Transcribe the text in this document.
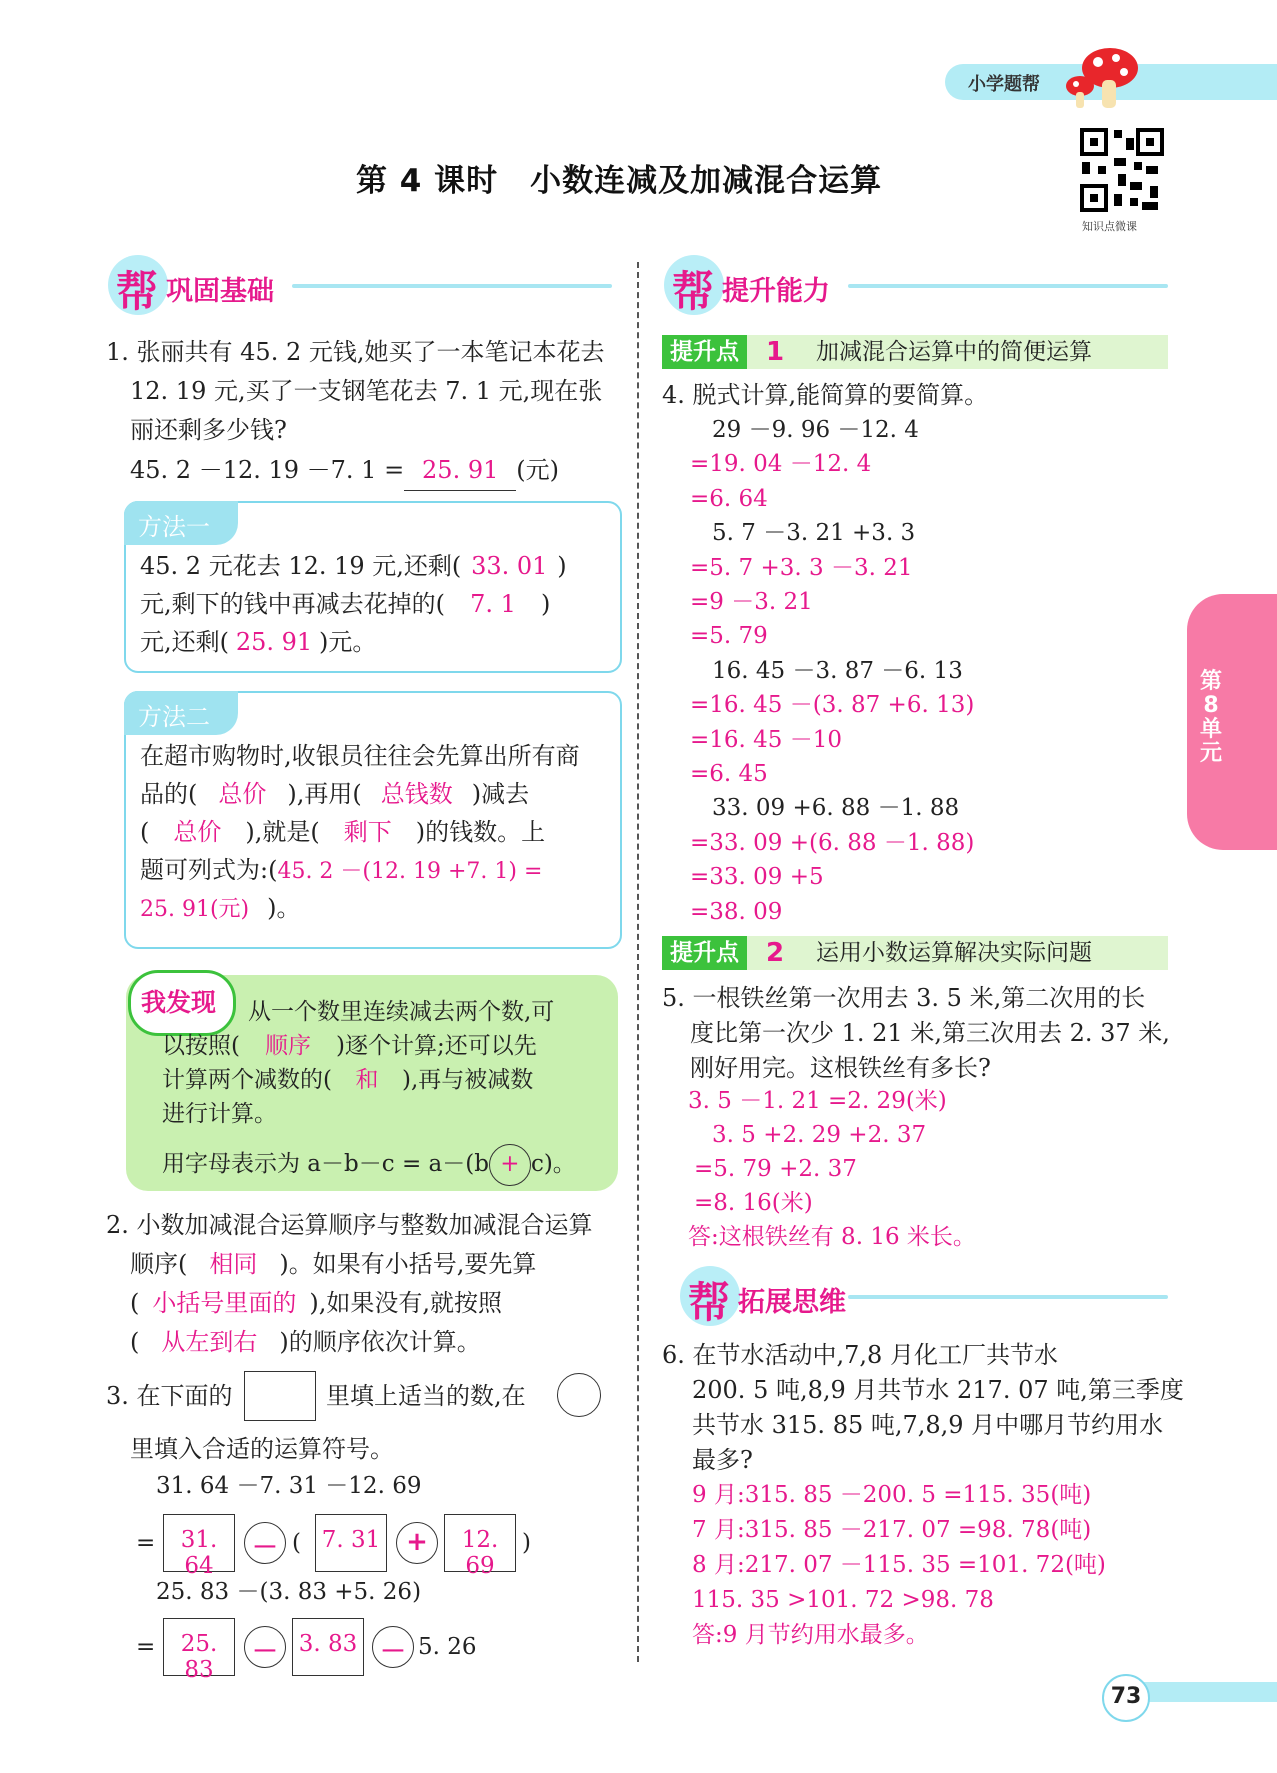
小学题帮
第 4 课时　小数连减及加减混合运算
知识点微课
第8单元
帮 巩固基础
1. 张丽共有 45. 2 元钱,她买了一本笔记本花去
12. 19 元,买了一支钢笔花去 7. 1 元,现在张
丽还剩多少钱?
45. 2 －12. 19 －7. 1 = 25. 91 (元)
方法一
45. 2 元花去 12. 19 元,还剩( 33. 01 )
元,剩下的钱中再减去花掉的( 7. 1 )
元,还剩( 25. 91 )元。
方法二
在超市购物时,收银员往往会先算出所有商
品的( 总价 ),再用( 总钱数 )减去
( 总价 ),就是( 剩下 )的钱数。上
题可列式为:(45. 2 －(12. 19 +7. 1) =
25. 91(元) )。
我发现 从一个数里连续减去两个数,可
以按照( 顺序 )逐个计算;还可以先
计算两个减数的( 和 ),再与被减数
进行计算。
用字母表示为 a－b－c = a－(b + c)。
2. 小数加减混合运算顺序与整数加减混合运算
顺序( 相同 )。如果有小括号,要先算
( 小括号里面的 ),如果没有,就按照
( 从左到右 )的顺序依次计算。
3. 在下面的	里填上适当的数,在
里填入合适的运算符号。
31. 64 －7. 31 －12. 69
=	31. 64
－ ( 7. 31 +	12. 69
)
25. 83 －(3. 83 +5. 26)
=	25. 83
－ 3. 83 － 5. 26
帮 提升能力
提升点	1 加减混合运算中的简便运算
4. 脱式计算,能简算的要简算。
29 －9. 96 －12. 4
=19. 04 －12. 4
=6. 64
5. 7 －3. 21 +3. 3
=5. 7 +3. 3 －3. 21
=9 －3. 21
=5. 79
16. 45 －3. 87 －6. 13
=16. 45 －(3. 87 +6. 13)
=16. 45 －10
=6. 45
33. 09 +6. 88 －1. 88
=33. 09 +(6. 88 －1. 88)
=33. 09 +5
=38. 09
提升点	2 运用小数运算解决实际问题
5. 一根铁丝第一次用去 3. 5 米,第二次用的长
度比第一次少 1. 21 米,第三次用去 2. 37 米,
刚好用完。这根铁丝有多长?
3. 5 －1. 21 =2. 29(米)
3. 5 +2. 29 +2. 37
=5. 79 +2. 37
=8. 16(米)
答:这根铁丝有 8. 16 米长。
帮 拓展思维
6. 在节水活动中,7,8 月化工厂共节水
200. 5 吨,8,9 月共节水 217. 07 吨,第三季度
共节水 315. 85 吨,7,8,9 月中哪月节约用水
最多?
9 月:315. 85 －200. 5 =115. 35(吨)
7 月:315. 85 －217. 07 =98. 78(吨)
8 月:217. 07 －115. 35 =101. 72(吨)
115. 35 >101. 72 >98. 78
答:9 月节约用水最多。
73
